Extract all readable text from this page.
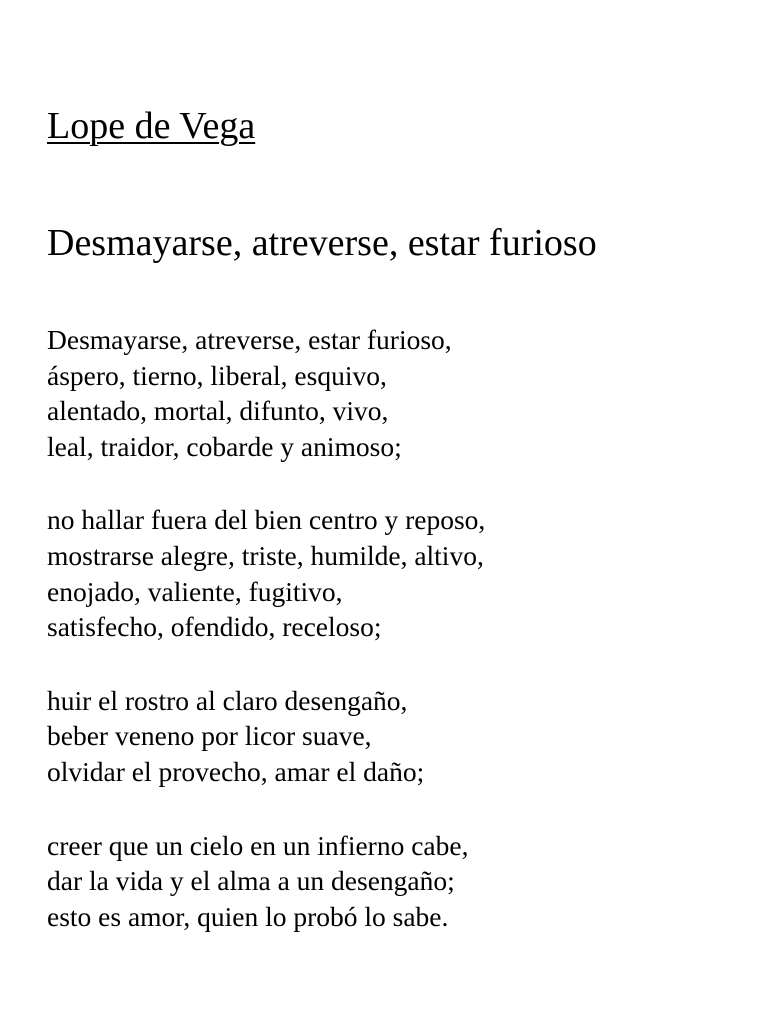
Lope de Vega
Desmayarse, atreverse, estar furioso
Desmayarse, atreverse, estar furioso,
áspero, tierno, liberal, esquivo,
alentado, mortal, difunto, vivo,
leal, traidor, cobarde y animoso;
no hallar fuera del bien centro y reposo,
mostrarse alegre, triste, humilde, altivo,
enojado, valiente, fugitivo,
satisfecho, ofendido, receloso;
huir el rostro al claro desengaño,
beber veneno por licor suave,
olvidar el provecho, amar el daño;
creer que un cielo en un infierno cabe,
dar la vida y el alma a un desengaño;
esto es amor, quien lo probó lo sabe.
